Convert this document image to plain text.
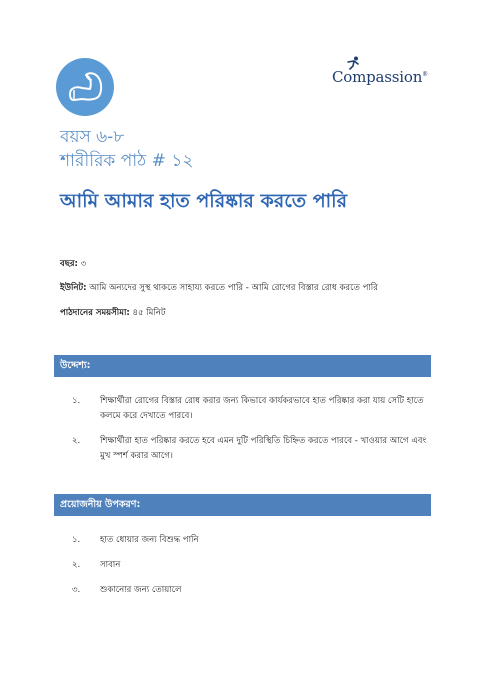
Compassion®
বয়স ৬-৮
শারীরিক পাঠ # ১২
আমি আমার হাত পরিষ্কার করতে পারি
বছর: ৩
ইউনিট: আমি অন্যদের সুস্থ থাকতে সাহায্য করতে পারি - আমি রোগের বিস্তার রোধ করতে পারি
পাঠদানের সময়সীমা: ৪৫ মিনিট
উদ্দেশ্য:
১.	শিক্ষার্থীরা রোগের বিস্তার রোধ করার জন্য কিভাবে কার্যকরভাবে হাত পরিষ্কার করা যায় সেটি হাতে কলমে করে দেখাতে পারবে।
২.	শিক্ষার্থীরা হাত পরিষ্কার করতে হবে এমন দুটি পরিস্থিতি চিহ্নিত করতে পারবে - খাওয়ার আগে এবং মুখ স্পর্শ করার আগে।
প্রয়োজনীয় উপকরণ:
১.	হাত ধোয়ার জন্য বিশুদ্ধ পানি
২.	সাবান
৩.	শুকানোর জন্য তোয়ালে
